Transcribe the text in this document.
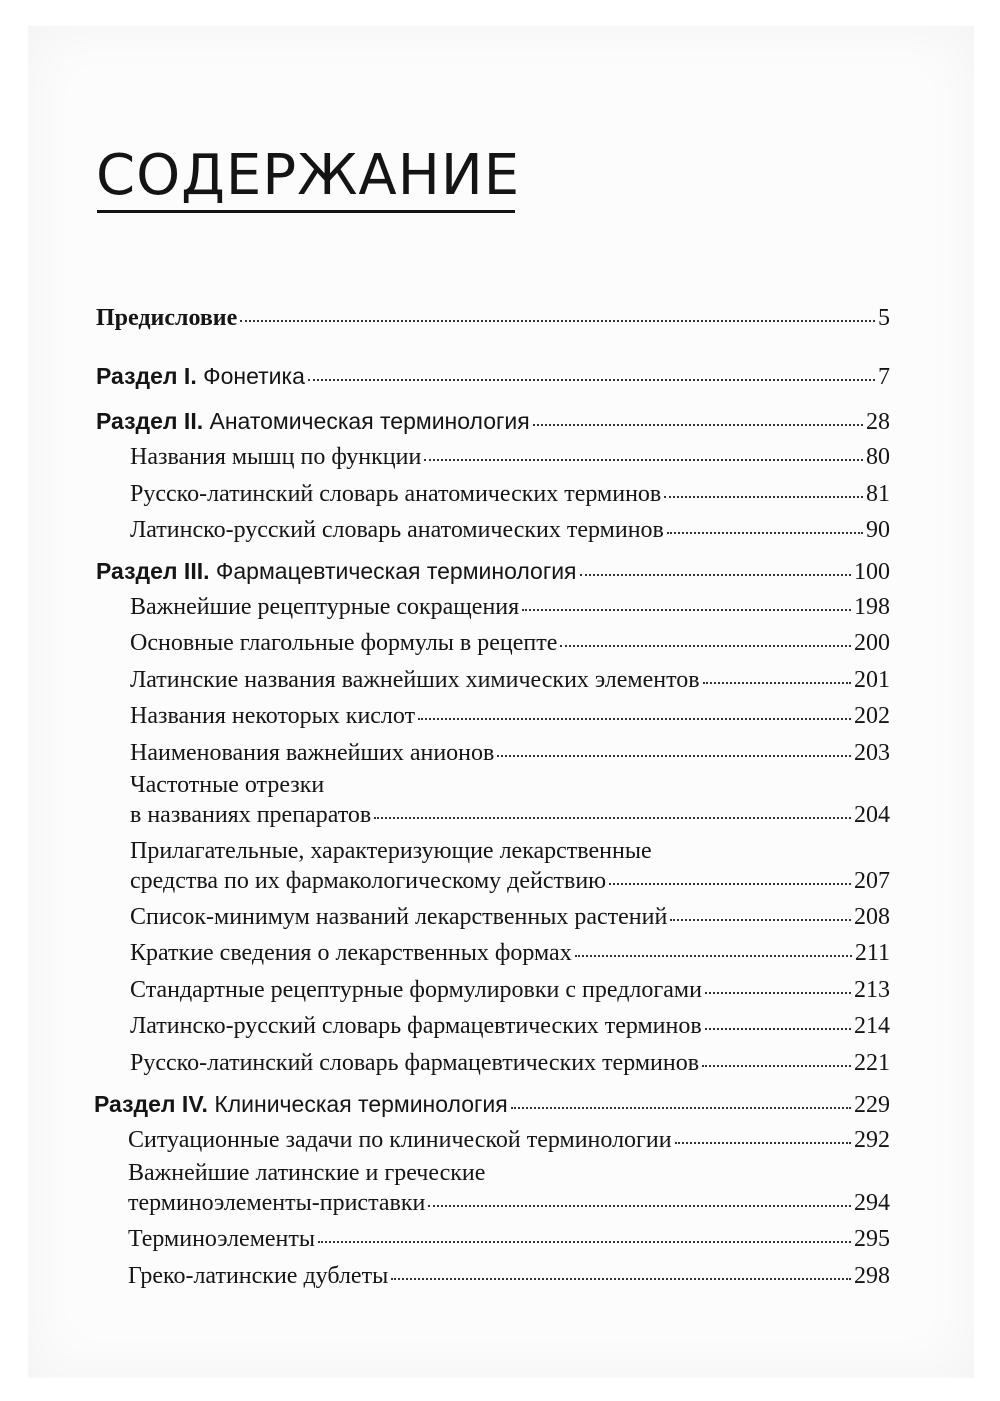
СОДЕРЖАНИЕ
Предисловие	5
Раздел I. Фонетика	7
Раздел II. Анатомическая терминология	28
Названия мышц по функции	80
Русско-латинский словарь анатомических терминов	81
Латинско-русский словарь анатомических терминов	90
Раздел III. Фармацевтическая терминология	100
Важнейшие рецептурные сокращения	198
Основные глагольные формулы в рецепте	200
Латинские названия важнейших химических элементов	201
Названия некоторых кислот	202
Наименования важнейших анионов	203
Частотные отрезки
в названиях препаратов	204
Прилагательные, характеризующие лекарственные
средства по их фармакологическому действию	207
Список-минимум названий лекарственных растений	208
Краткие сведения о лекарственных формах	211
Стандартные рецептурные формулировки с предлогами	213
Латинско-русский словарь фармацевтических терминов	214
Русско-латинский словарь фармацевтических терминов	221
Раздел IV. Клиническая терминология	229
Ситуационные задачи по клинической терминологии	292
Важнейшие латинские и греческие
терминоэлементы-приставки	294
Терминоэлементы	295
Греко-латинские дублеты	298
